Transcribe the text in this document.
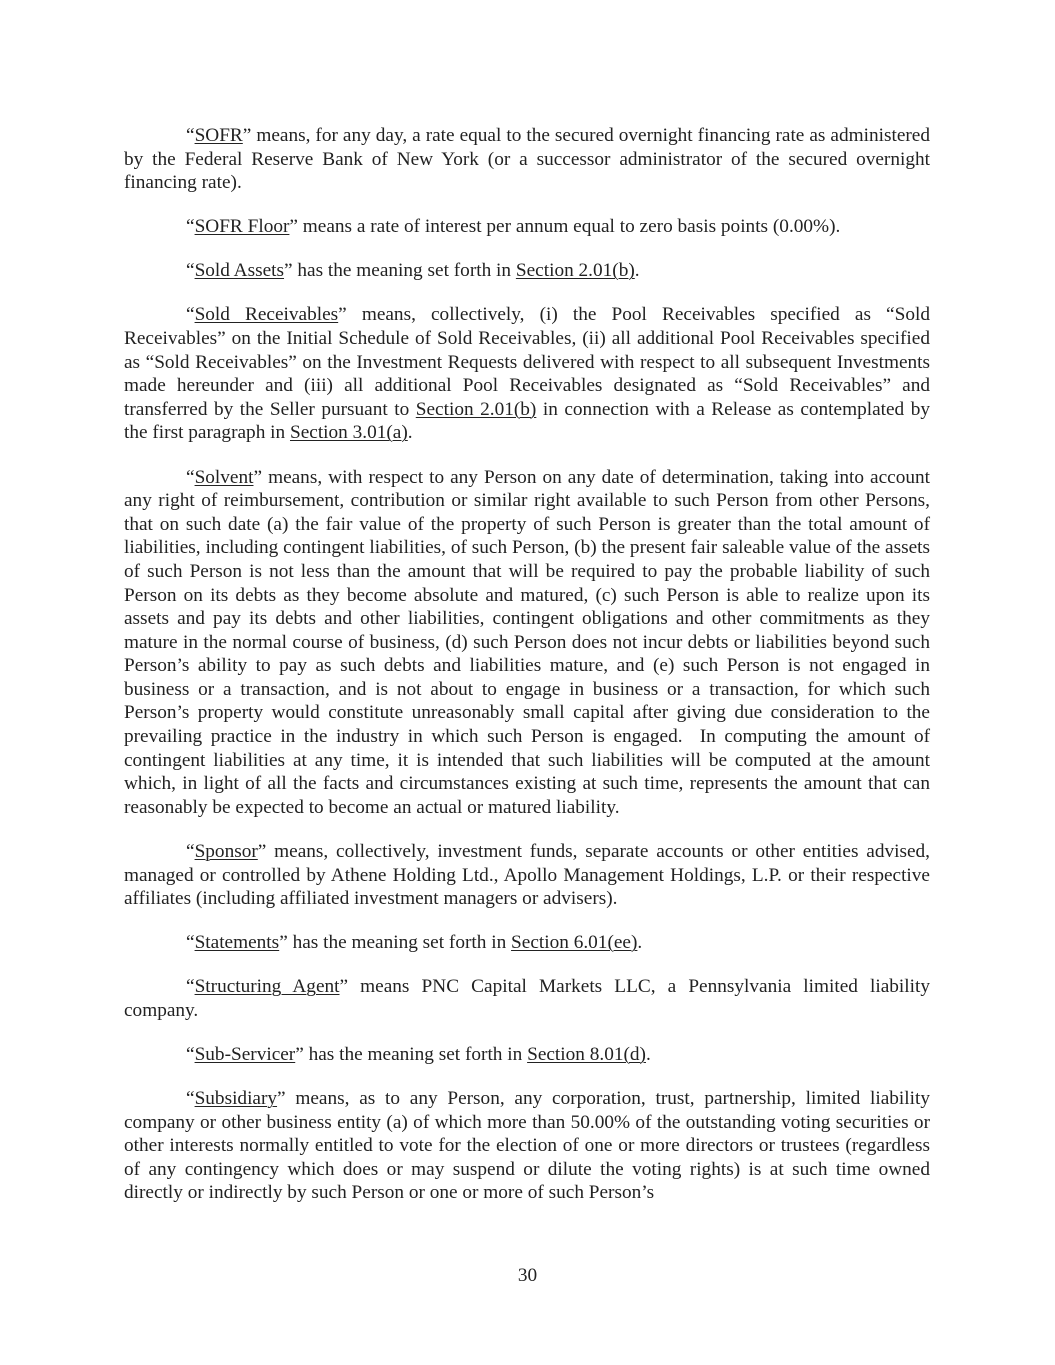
“SOFR” means, for any day, a rate equal to the secured overnight financing rate as administered by the Federal Reserve Bank of New York (or a successor administrator of the secured overnight financing rate).

“SOFR Floor” means a rate of interest per annum equal to zero basis points (0.00%).

“Sold Assets” has the meaning set forth in Section 2.01(b).

“Sold Receivables” means, collectively, (i) the Pool Receivables specified as “Sold Receivables” on the Initial Schedule of Sold Receivables, (ii) all additional Pool Receivables specified as “Sold Receivables” on the Investment Requests delivered with respect to all subsequent Investments made hereunder and (iii) all additional Pool Receivables designated as “Sold Receivables” and transferred by the Seller pursuant to Section 2.01(b) in connection with a Release as contemplated by the first paragraph in Section 3.01(a).

“Solvent” means, with respect to any Person on any date of determination, taking into account any right of reimbursement, contribution or similar right available to such Person from other Persons, that on such date (a) the fair value of the property of such Person is greater than the total amount of liabilities, including contingent liabilities, of such Person, (b) the present fair saleable value of the assets of such Person is not less than the amount that will be required to pay the probable liability of such Person on its debts as they become absolute and matured, (c) such Person is able to realize upon its assets and pay its debts and other liabilities, contingent obligations and other commitments as they mature in the normal course of business, (d) such Person does not incur debts or liabilities beyond such Person’s ability to pay as such debts and liabilities mature, and (e) such Person is not engaged in business or a transaction, and is not about to engage in business or a transaction, for which such Person’s property would constitute unreasonably small capital after giving due consideration to the prevailing practice in the industry in which such Person is engaged.  In computing the amount of contingent liabilities at any time, it is intended that such liabilities will be computed at the amount which, in light of all the facts and circumstances existing at such time, represents the amount that can reasonably be expected to become an actual or matured liability.

“Sponsor” means, collectively, investment funds, separate accounts or other entities advised, managed or controlled by Athene Holding Ltd., Apollo Management Holdings, L.P. or their respective affiliates (including affiliated investment managers or advisers).

“Statements” has the meaning set forth in Section 6.01(ee).

“Structuring Agent” means PNC Capital Markets LLC, a Pennsylvania limited liability company.

“Sub-Servicer” has the meaning set forth in Section 8.01(d).

“Subsidiary” means, as to any Person, any corporation, trust, partnership, limited liability company or other business entity (a) of which more than 50.00% of the outstanding voting securities or other interests normally entitled to vote for the election of one or more directors or trustees (regardless of any contingency which does or may suspend or dilute the voting rights) is at such time owned directly or indirectly by such Person or one or more of such Person’s

30
